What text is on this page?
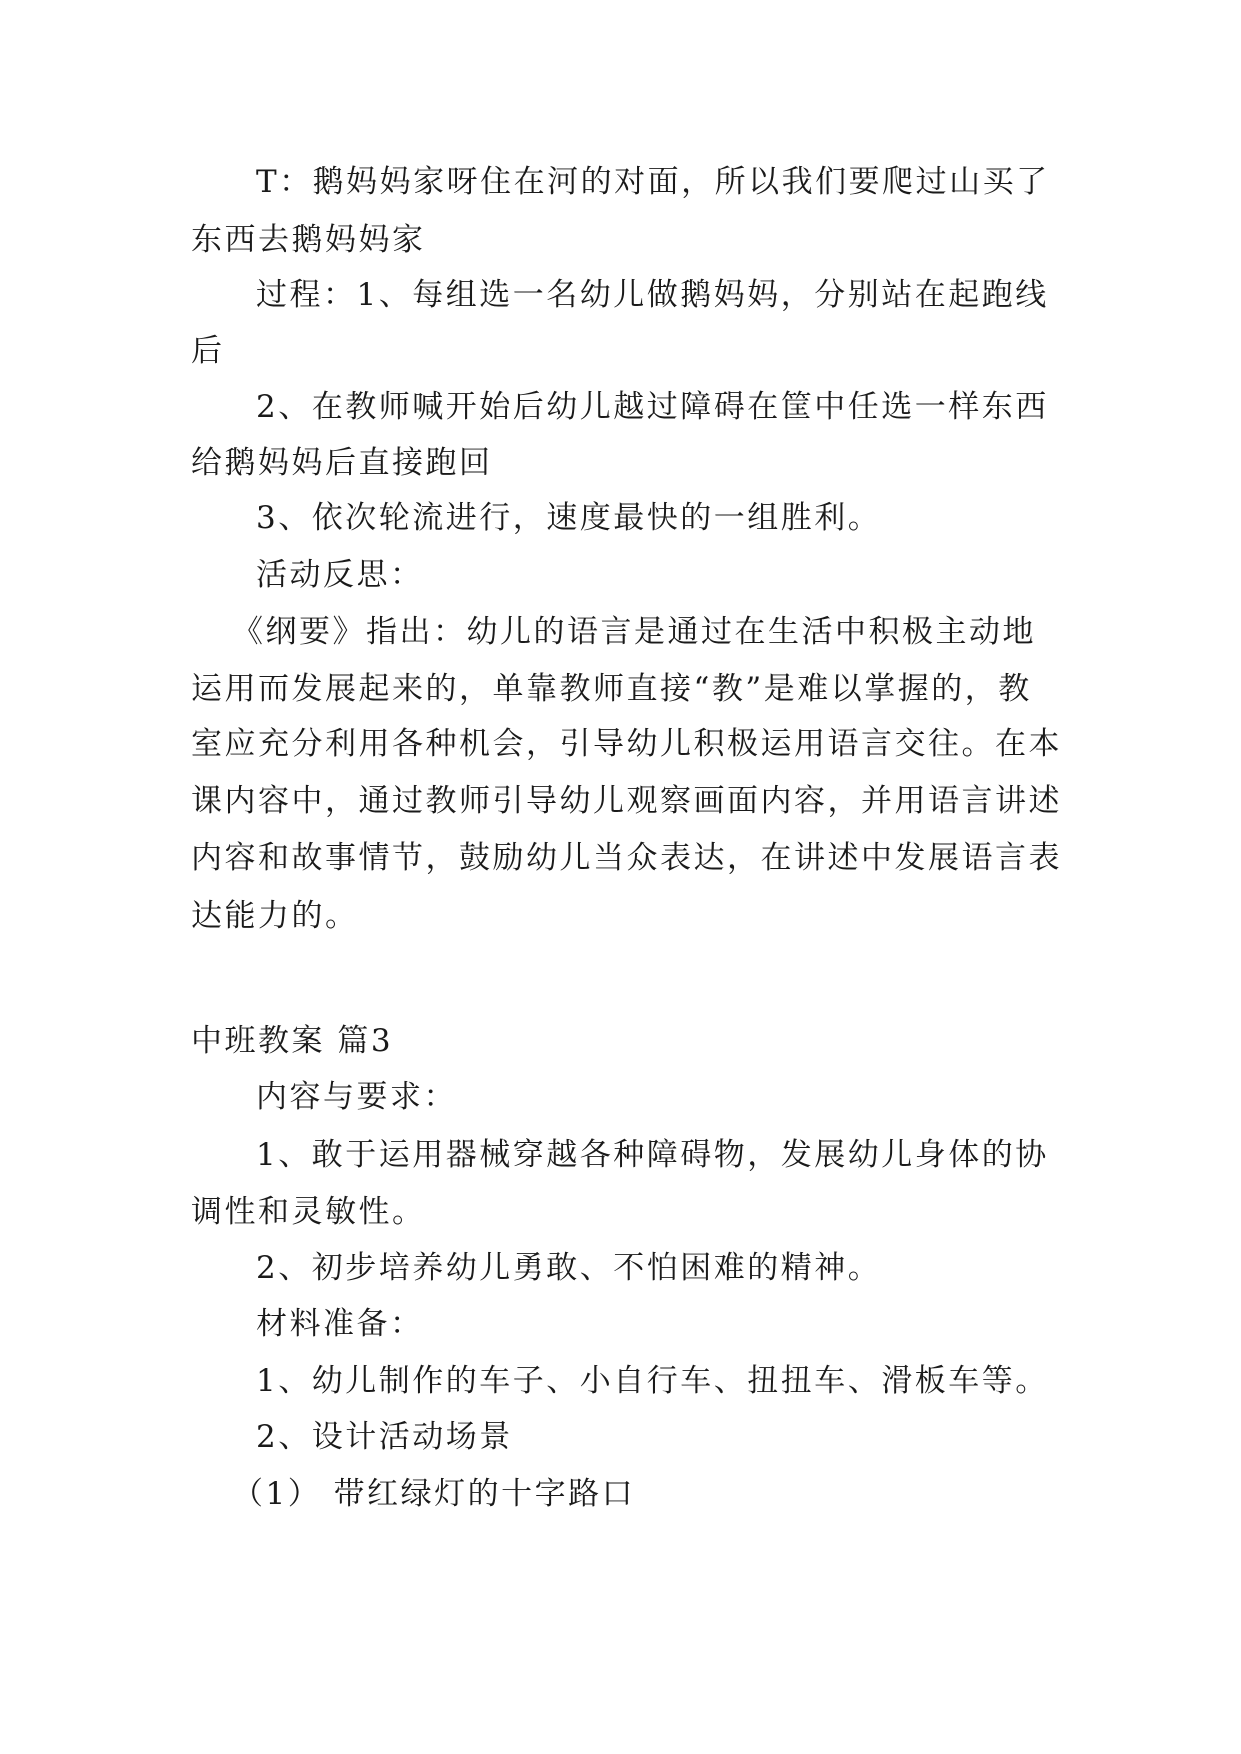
T：鹅妈妈家呀住在河的对面，所以我们要爬过山买了
东西去鹅妈妈家
过程：1、每组选一名幼儿做鹅妈妈，分别站在起跑线
后
2、在教师喊开始后幼儿越过障碍在筐中任选一样东西
给鹅妈妈后直接跑回
3、依次轮流进行，速度最快的一组胜利。
活动反思：
《纲要》指出：幼儿的语言是通过在生活中积极主动地
运用而发展起来的，单靠教师直接“教”是难以掌握的，教
室应充分利用各种机会，引导幼儿积极运用语言交往。在本
课内容中，通过教师引导幼儿观察画面内容，并用语言讲述
内容和故事情节，鼓励幼儿当众表达，在讲述中发展语言表
达能力的。
中班教案 篇3
内容与要求：
1、敢于运用器械穿越各种障碍物，发展幼儿身体的协
调性和灵敏性。
2、初步培养幼儿勇敢、不怕困难的精神。
材料准备：
1、幼儿制作的车子、小自行车、扭扭车、滑板车等。
2、设计活动场景
（1） 带红绿灯的十字路口
